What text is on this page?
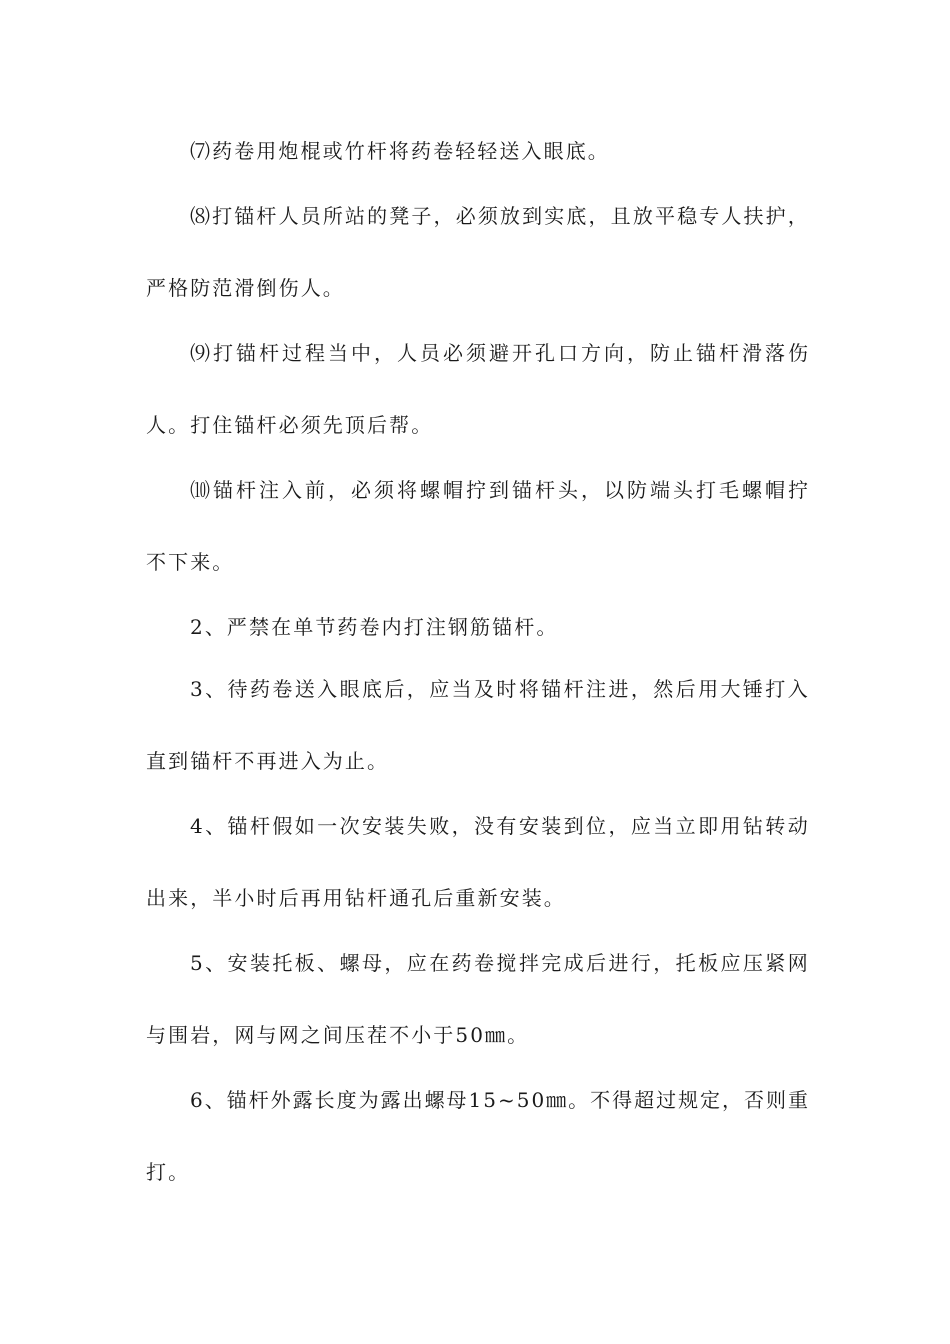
⑺药卷用炮棍或竹杆将药卷轻轻送入眼底。
⑻ 打 锚 杆 人 员 所 站 的 凳 子 ， 必 须 放 到 实 底 ， 且 放 平 稳 专 人 扶 护 ，
严格防范滑倒伤人。
⑼ 打 锚 杆 过 程 当 中 ， 人 员 必 须 避 开 孔 口 方 向 ， 防 止 锚 杆 滑 落 伤
人。打住锚杆必须先顶后帮。
⑽ 锚 杆 注 入 前 ， 必 须 将 螺 帽 拧 到 锚 杆 头 ， 以 防 端 头 打 毛 螺 帽 拧
不下来。
2、严禁在单节药卷内打注钢筋锚杆。
3 、 待 药 卷 送 入 眼 底 后 ， 应 当 及 时 将 锚 杆 注 进 ， 然 后 用 大 锤 打 入
直到锚杆不再进入为止。
4 、 锚 杆 假 如 一 次 安 装 失 败 ， 没 有 安 装 到 位 ， 应 当 立 即 用 钻 转 动
出来，半小时后再用钻杆通孔后重新安装。
5 、 安 装 托 板 、 螺 母 ， 应 在 药 卷 搅 拌 完 成 后 进 行 ， 托 板 应 压 紧 网
与围岩，网与网之间压茬不小于50㎜。
6 、 锚 杆 外 露 长 度 为 露 出 螺 母 1 5 ~ 5 0 ㎜ 。 不 得 超 过 规 定 ， 否 则 重
打。
